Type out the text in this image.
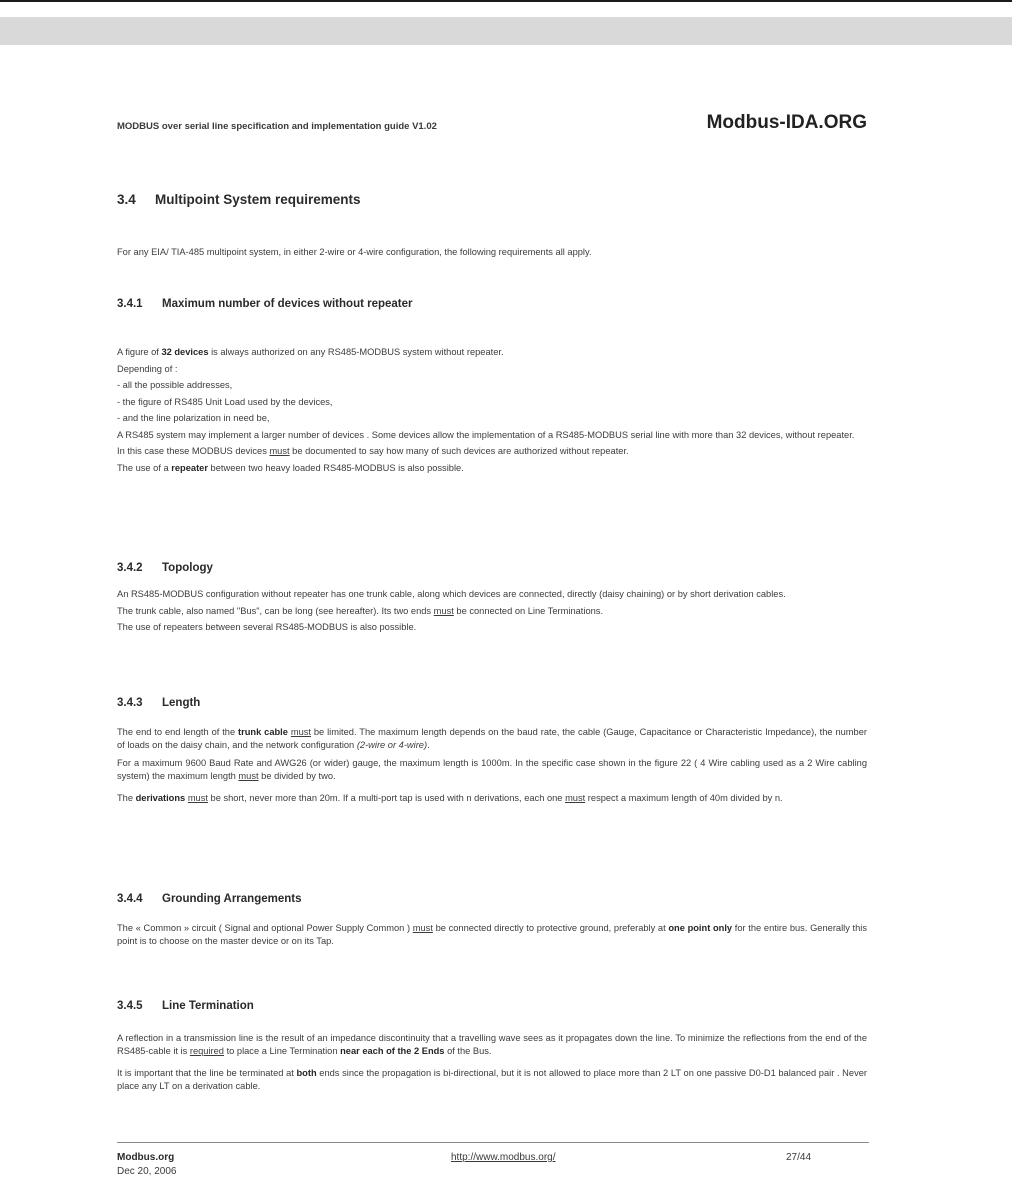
MODBUS over serial line specification and implementation guide V1.02	Modbus-IDA.ORG
3.4 Multipoint System requirements

For any EIA/ TIA-485 multipoint system, in either 2-wire or 4-wire configuration, the following requirements all apply.

3.4.1 Maximum number of devices without repeater

A figure of 32 devices is always authorized on any RS485-MODBUS system without repeater.

Depending of :

- all the possible addresses,

- the figure of RS485 Unit Load used by the devices,

- and the line polarization in need be,

A RS485 system may implement a larger number of devices . Some devices allow the implementation of a RS485-MODBUS serial line with more than 32 devices, without repeater.

In this case these MODBUS devices must be documented to say how many of such devices are authorized without repeater.

The use of a repeater between two heavy loaded RS485-MODBUS is also possible.

3.4.2 Topology

An RS485-MODBUS configuration without repeater has one trunk cable, along which devices are connected, directly (daisy chaining) or by short derivation cables.

The trunk cable, also named "Bus", can be long (see hereafter). Its two ends must be connected on Line Terminations.

The use of repeaters between several RS485-MODBUS is also possible.

3.4.3 Length

The end to end length of the trunk cable must be limited. The maximum length depends on the baud rate, the cable (Gauge, Capacitance or Characteristic Impedance), the number of loads on the daisy chain, and the network configuration (2-wire or 4-wire).

For a maximum 9600 Baud Rate and AWG26 (or wider) gauge, the maximum length is 1000m. In the specific case shown in the figure 22 ( 4 Wire cabling used as a 2 Wire cabling system) the maximum length must be divided by two.

The derivations must be short, never more than 20m. If a multi-port tap is used with n derivations, each one must respect a maximum length of 40m divided by n.

3.4.4 Grounding Arrangements

The « Common » circuit ( Signal and optional Power Supply Common ) must be connected directly to protective ground, preferably at one point only for the entire bus. Generally this point is to choose on the master device or on its Tap.

3.4.5 Line Termination

A reflection in a transmission line is the result of an impedance discontinuity that a travelling wave sees as it propagates down the line. To minimize the reflections from the end of the RS485-cable it is required to place a Line Termination near each of the 2 Ends of the Bus.

It is important that the line be terminated at both ends since the propagation is bi-directional, but it is not allowed to place more than 2 LT on one passive D0-D1 balanced pair . Never place any LT on a derivation cable.

Modbus.org
Dec 20, 2006
http://www.modbus.org/	27/44
